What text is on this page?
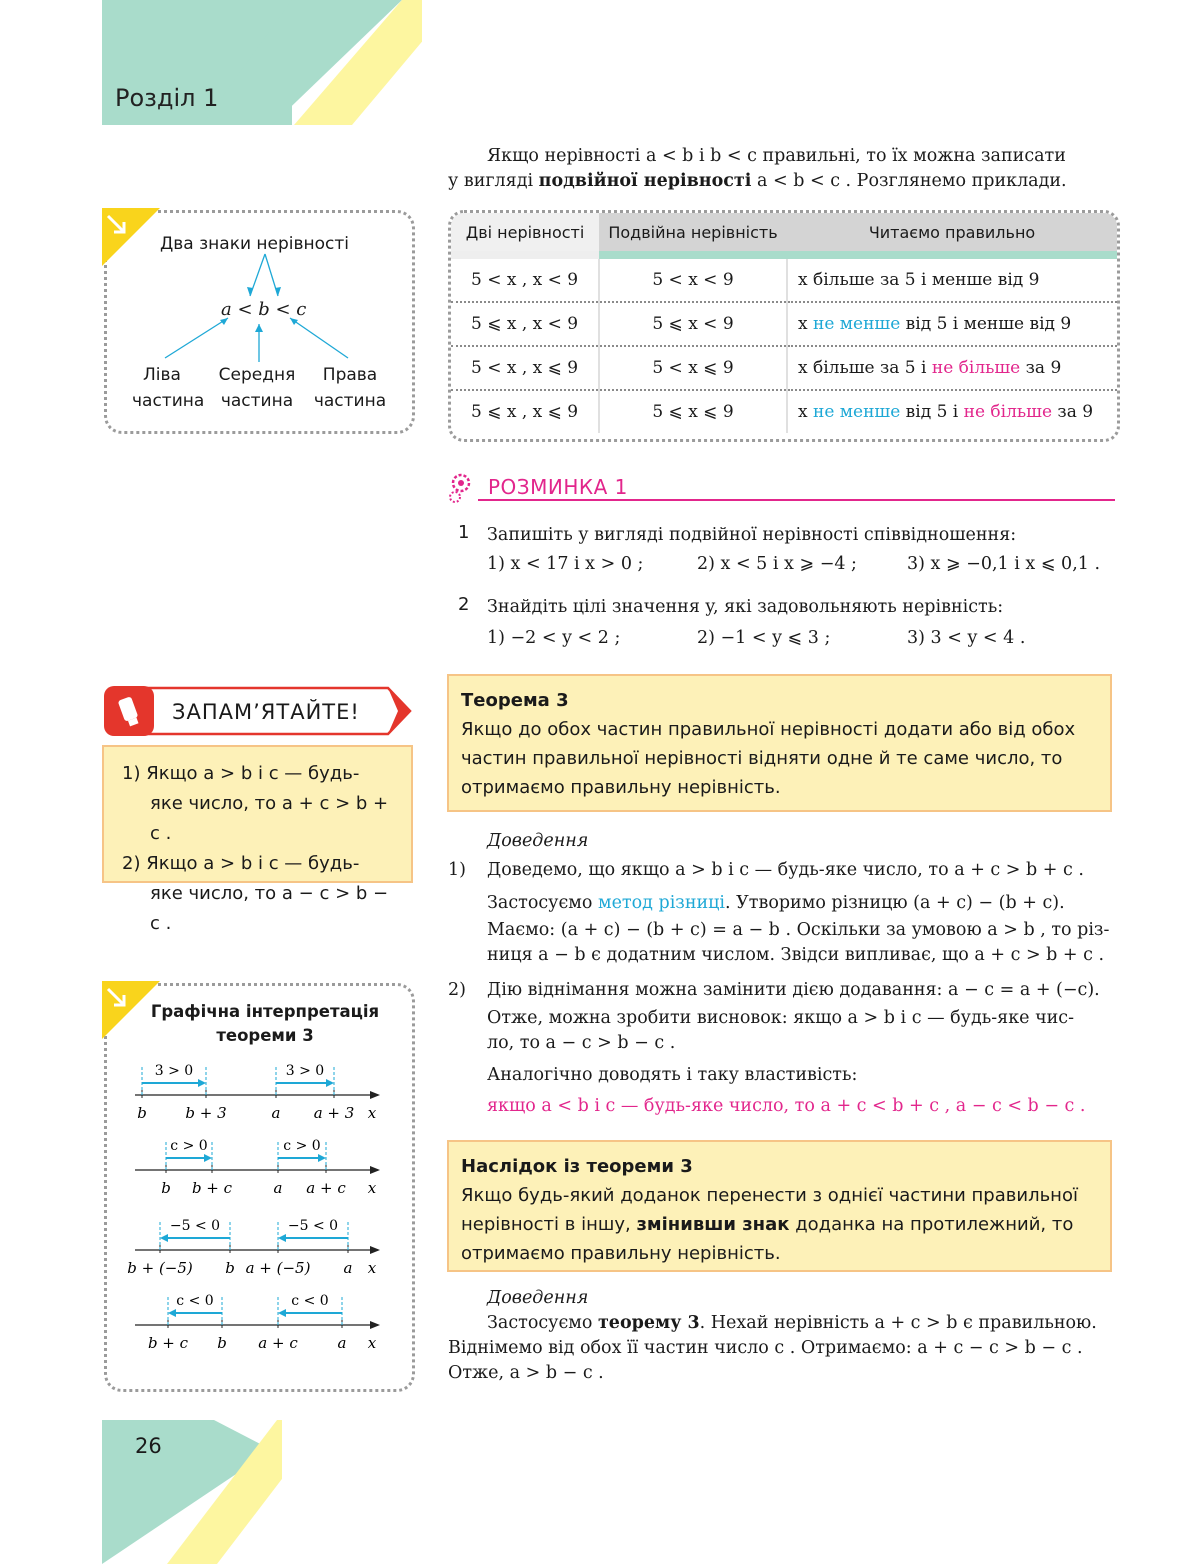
Розділ 1
Якщо нерівності a < b і b < c правильні, то їх можна записати
у вигляді подвійної нерівності a < b < c . Розглянемо приклади.
Два знаки нерівності
a < b < c
Ліва
частина
Середня
частина
Права
частина
Дві нерівності	Подвійна нерівність	Читаємо правильно

5 < x , x < 9	5 < x < 9	x більше за 5 і менше від 9
5 ⩽ x , x < 9	5 ⩽ x < 9	x не менше від 5 і менше від 9
5 < x , x ⩽ 9	5 < x ⩽ 9	x більше за 5 і не більше за 9
5 ⩽ x , x ⩽ 9	5 ⩽ x ⩽ 9	x не менше від 5 і не більше за 9
РОЗМИНКА 1
1 Запишіть у вигляді подвійної нерівності співвідношення:
1) x < 17 і x > 0 ;	2) x < 5 і x ⩾ −4 ;	3) x ⩾ −0,1 і x ⩽ 0,1 .
2 Знайдіть цілі значення y, які задовольняють нерівність:
1) −2 < y < 2 ;	2) −1 < y ⩽ 3 ;	3) 3 < y < 4 .
ЗАПАМ’ЯТАЙТЕ!
1) Якщо a > b і c — будь-
яке число, то a + c > b + c .
2) Якщо a > b і c — будь-
яке число, то a − c > b − c .
Теорема 3
Якщо до обох частин правильної нерівності додати або від обох
частин правильної нерівності відняти одне й те саме число, то
отримаємо правильну нерівність.
Доведення
1) Доведемо, що якщо a > b і c — будь-яке число, то a + c > b + c .
Застосуємо метод різниці. Утворимо різницю (a + c) − (b + c).
Маємо: (a + c) − (b + c) = a − b . Оскільки за умовою a > b , то різ-
ниця a − b є додатним числом. Звідси випливає, що a + c > b + c .
2) Дію віднімання можна замінити дією додавання: a − c = a + (−c).
Отже, можна зробити висновок: якщо a > b і c — будь-яке чис-
ло, то a − c > b − c .
Аналогічно доводять і таку властивість:
якщо a < b і c — будь-яке число, то a + c < b + c , a − c < b − c .
Наслідок із теореми 3
Якщо будь-який доданок перенести з однієї частини правильної
нерівності в іншу, змінивши знак доданка на протилежний, то
отримаємо правильну нерівність.
Доведення
Застосуємо теорему 3. Нехай нерівність a + c > b є правильною.
Віднімемо від обох її частин число c . Отримаємо: a + c − c > b − c .
Отже, a > b − c .
Графічна інтерпретація
теореми 3
3 > 0	3 > 0
b	b + 3	a a + 3 x
c > 0	c > 0
b b + c	a a + c x
−5 < 0	−5 < 0
b + (−5) b a + (−5) a x
c < 0	c < 0
b + c b a + c	a x
26
